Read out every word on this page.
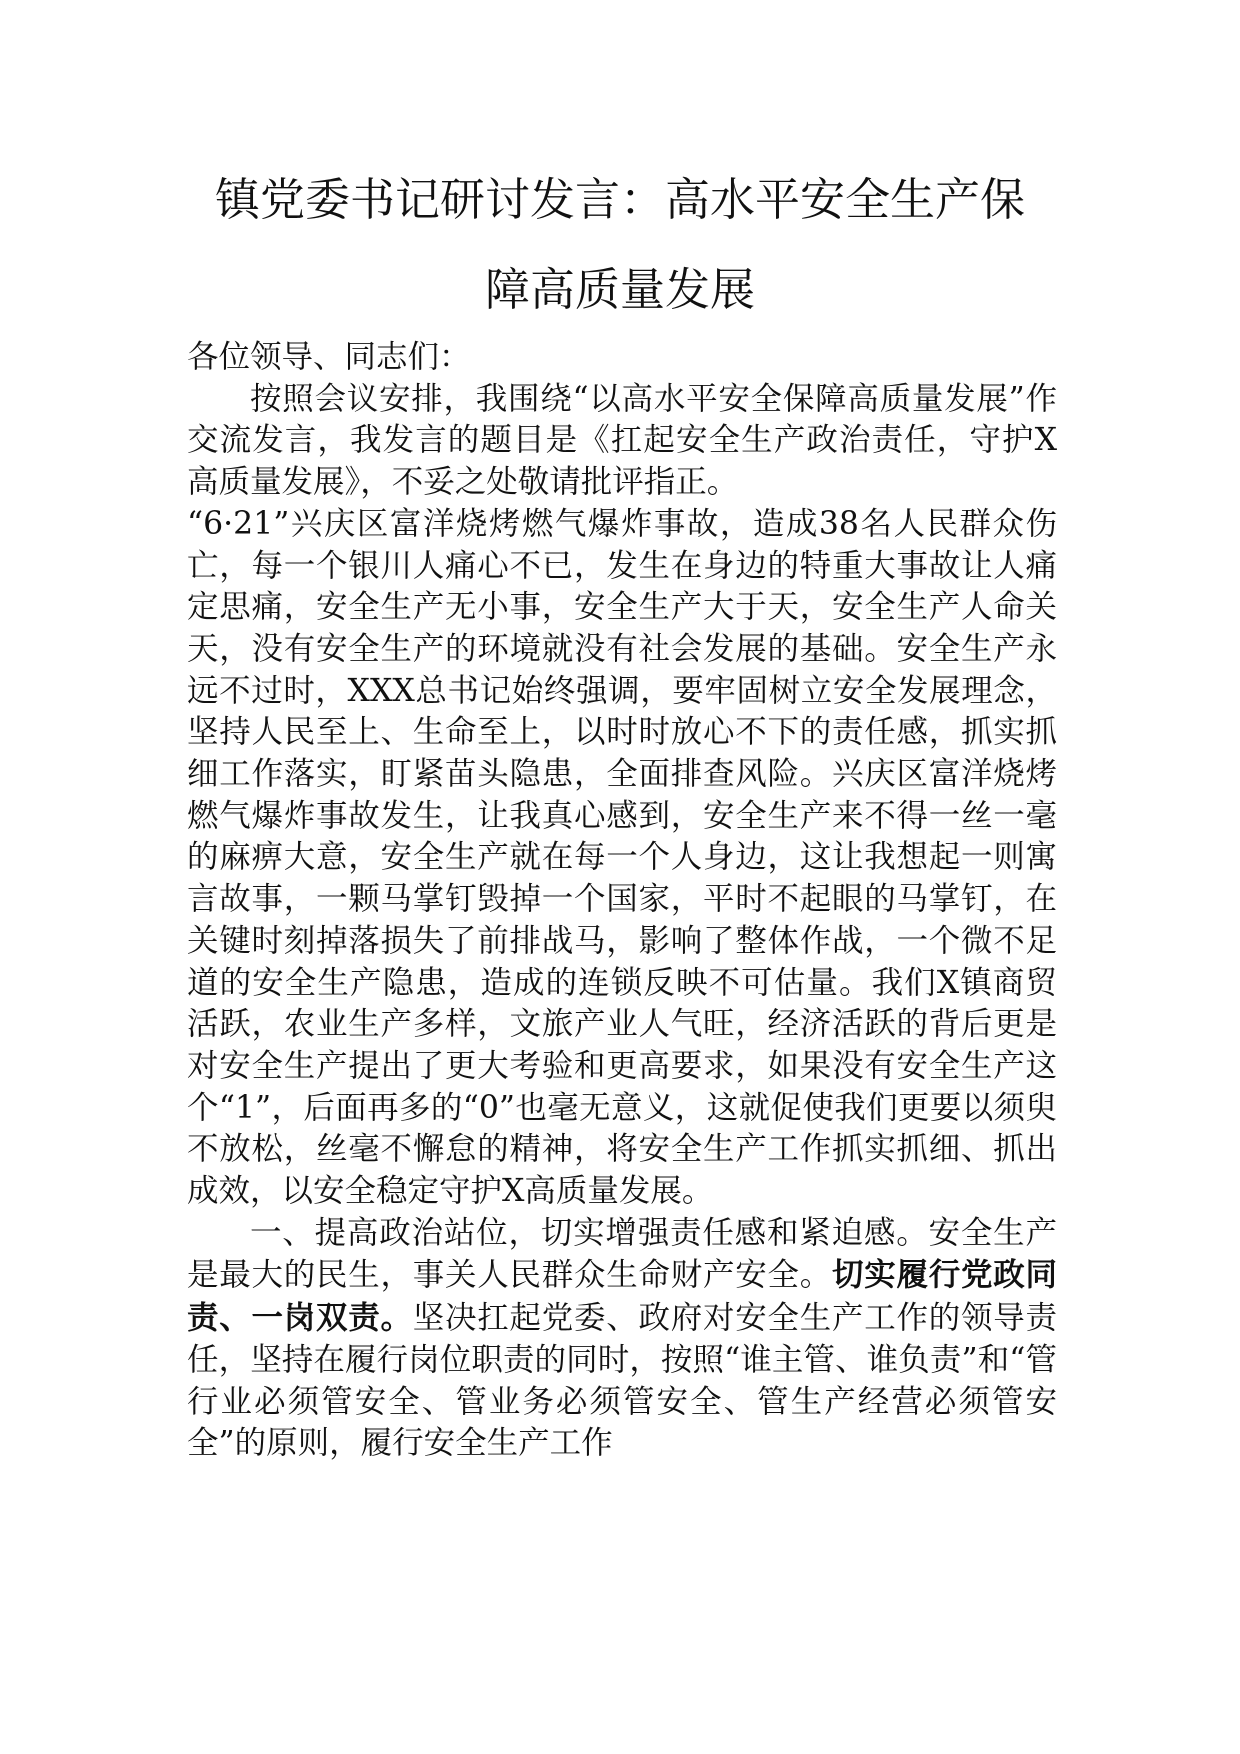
镇党委书记研讨发言：高水平安全生产保
障高质量发展

各位领导、同志们：

按照会议安排，我围绕“以高水平安全保障高质量发展”作交流发言，我发言的题目是《扛起安全生产政治责任，守护X高质量发展》，不妥之处敬请批评指正。

“6·21”兴庆区富洋烧烤燃气爆炸事故，造成38名人民群众伤亡，每一个银川人痛心不已，发生在身边的特重大事故让人痛定思痛，安全生产无小事，安全生产大于天，安全生产人命关天，没有安全生产的环境就没有社会发展的基础。安全生产永远不过时，XXX总书记始终强调，要牢固树立安全发展理念，坚持人民至上、生命至上，以时时放心不下的责任感，抓实抓细工作落实，盯紧苗头隐患，全面排查风险。兴庆区富洋烧烤燃气爆炸事故发生，让我真心感到，安全生产来不得一丝一毫的麻痹大意，安全生产就在每一个人身边，这让我想起一则寓言故事，一颗马掌钉毁掉一个国家，平时不起眼的马掌钉，在关键时刻掉落损失了前排战马，影响了整体作战，一个微不足道的安全生产隐患，造成的连锁反映不可估量。我们X镇商贸活跃，农业生产多样，文旅产业人气旺，经济活跃的背后更是对安全生产提出了更大考验和更高要求，如果没有安全生产这个“1”，后面再多的“0”也毫无意义，这就促使我们更要以须臾不放松，丝毫不懈怠的精神，将安全生产工作抓实抓细、抓出成效，以安全稳定守护X高质量发展。

一、提高政治站位，切实增强责任感和紧迫感。安全生产是最大的民生，事关人民群众生命财产安全。切实履行党政同责、一岗双责。坚决扛起党委、政府对安全生产工作的领导责任，坚持在履行岗位职责的同时，按照“谁主管、谁负责”和“管行业必须管安全、管业务必须管安全、管生产经营必须管安全”的原则，履行安全生产工作
